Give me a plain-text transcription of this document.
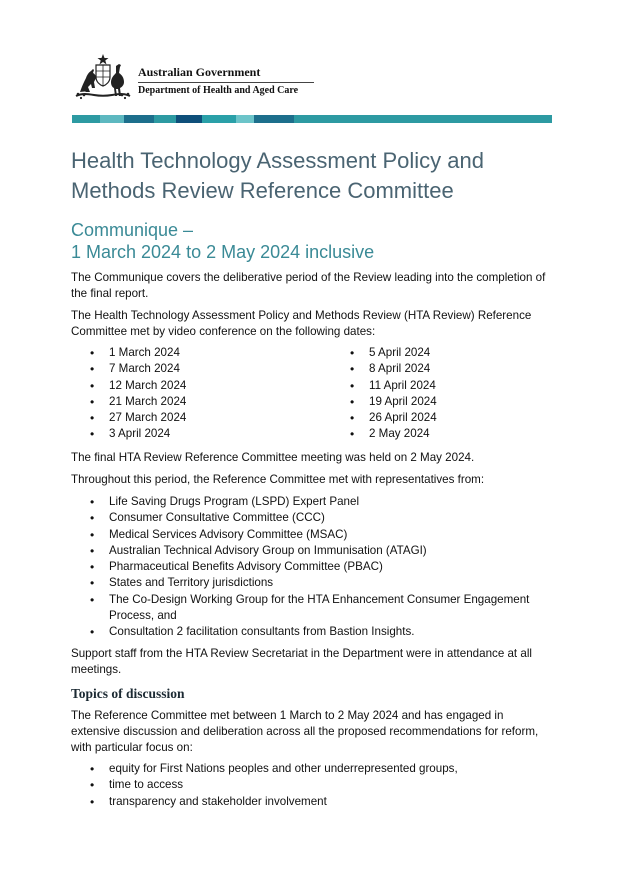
Australian Government
Department of Health and Aged Care
Health Technology Assessment Policy and
Methods Review Reference Committee
Communique –
1 March 2024 to 2 May 2024 inclusive

The Communique covers the deliberative period of the Review leading into the completion of the final report.

The Health Technology Assessment Policy and Methods Review (HTA Review) Reference Committee met by video conference on the following dates:

• 1 March 2024
• 7 March 2024
• 12 March 2024
• 21 March 2024
• 27 March 2024
• 3 April 2024
• 5 April 2024
• 8 April 2024
• 11 April 2024
• 19 April 2024
• 26 April 2024
• 2 May 2024

The final HTA Review Reference Committee meeting was held on 2 May 2024.

Throughout this period, the Reference Committee met with representatives from:

• Life Saving Drugs Program (LSPD) Expert Panel
• Consumer Consultative Committee (CCC)
• Medical Services Advisory Committee (MSAC)
• Australian Technical Advisory Group on Immunisation (ATAGI)
• Pharmaceutical Benefits Advisory Committee (PBAC)
• States and Territory jurisdictions
• The Co-Design Working Group for the HTA Enhancement Consumer Engagement Process, and
• Consultation 2 facilitation consultants from Bastion Insights.

Support staff from the HTA Review Secretariat in the Department were in attendance at all meetings.

Topics of discussion

The Reference Committee met between 1 March to 2 May 2024 and has engaged in extensive discussion and deliberation across all the proposed recommendations for reform, with particular focus on:

• equity for First Nations peoples and other underrepresented groups,
• time to access
• transparency and stakeholder involvement
